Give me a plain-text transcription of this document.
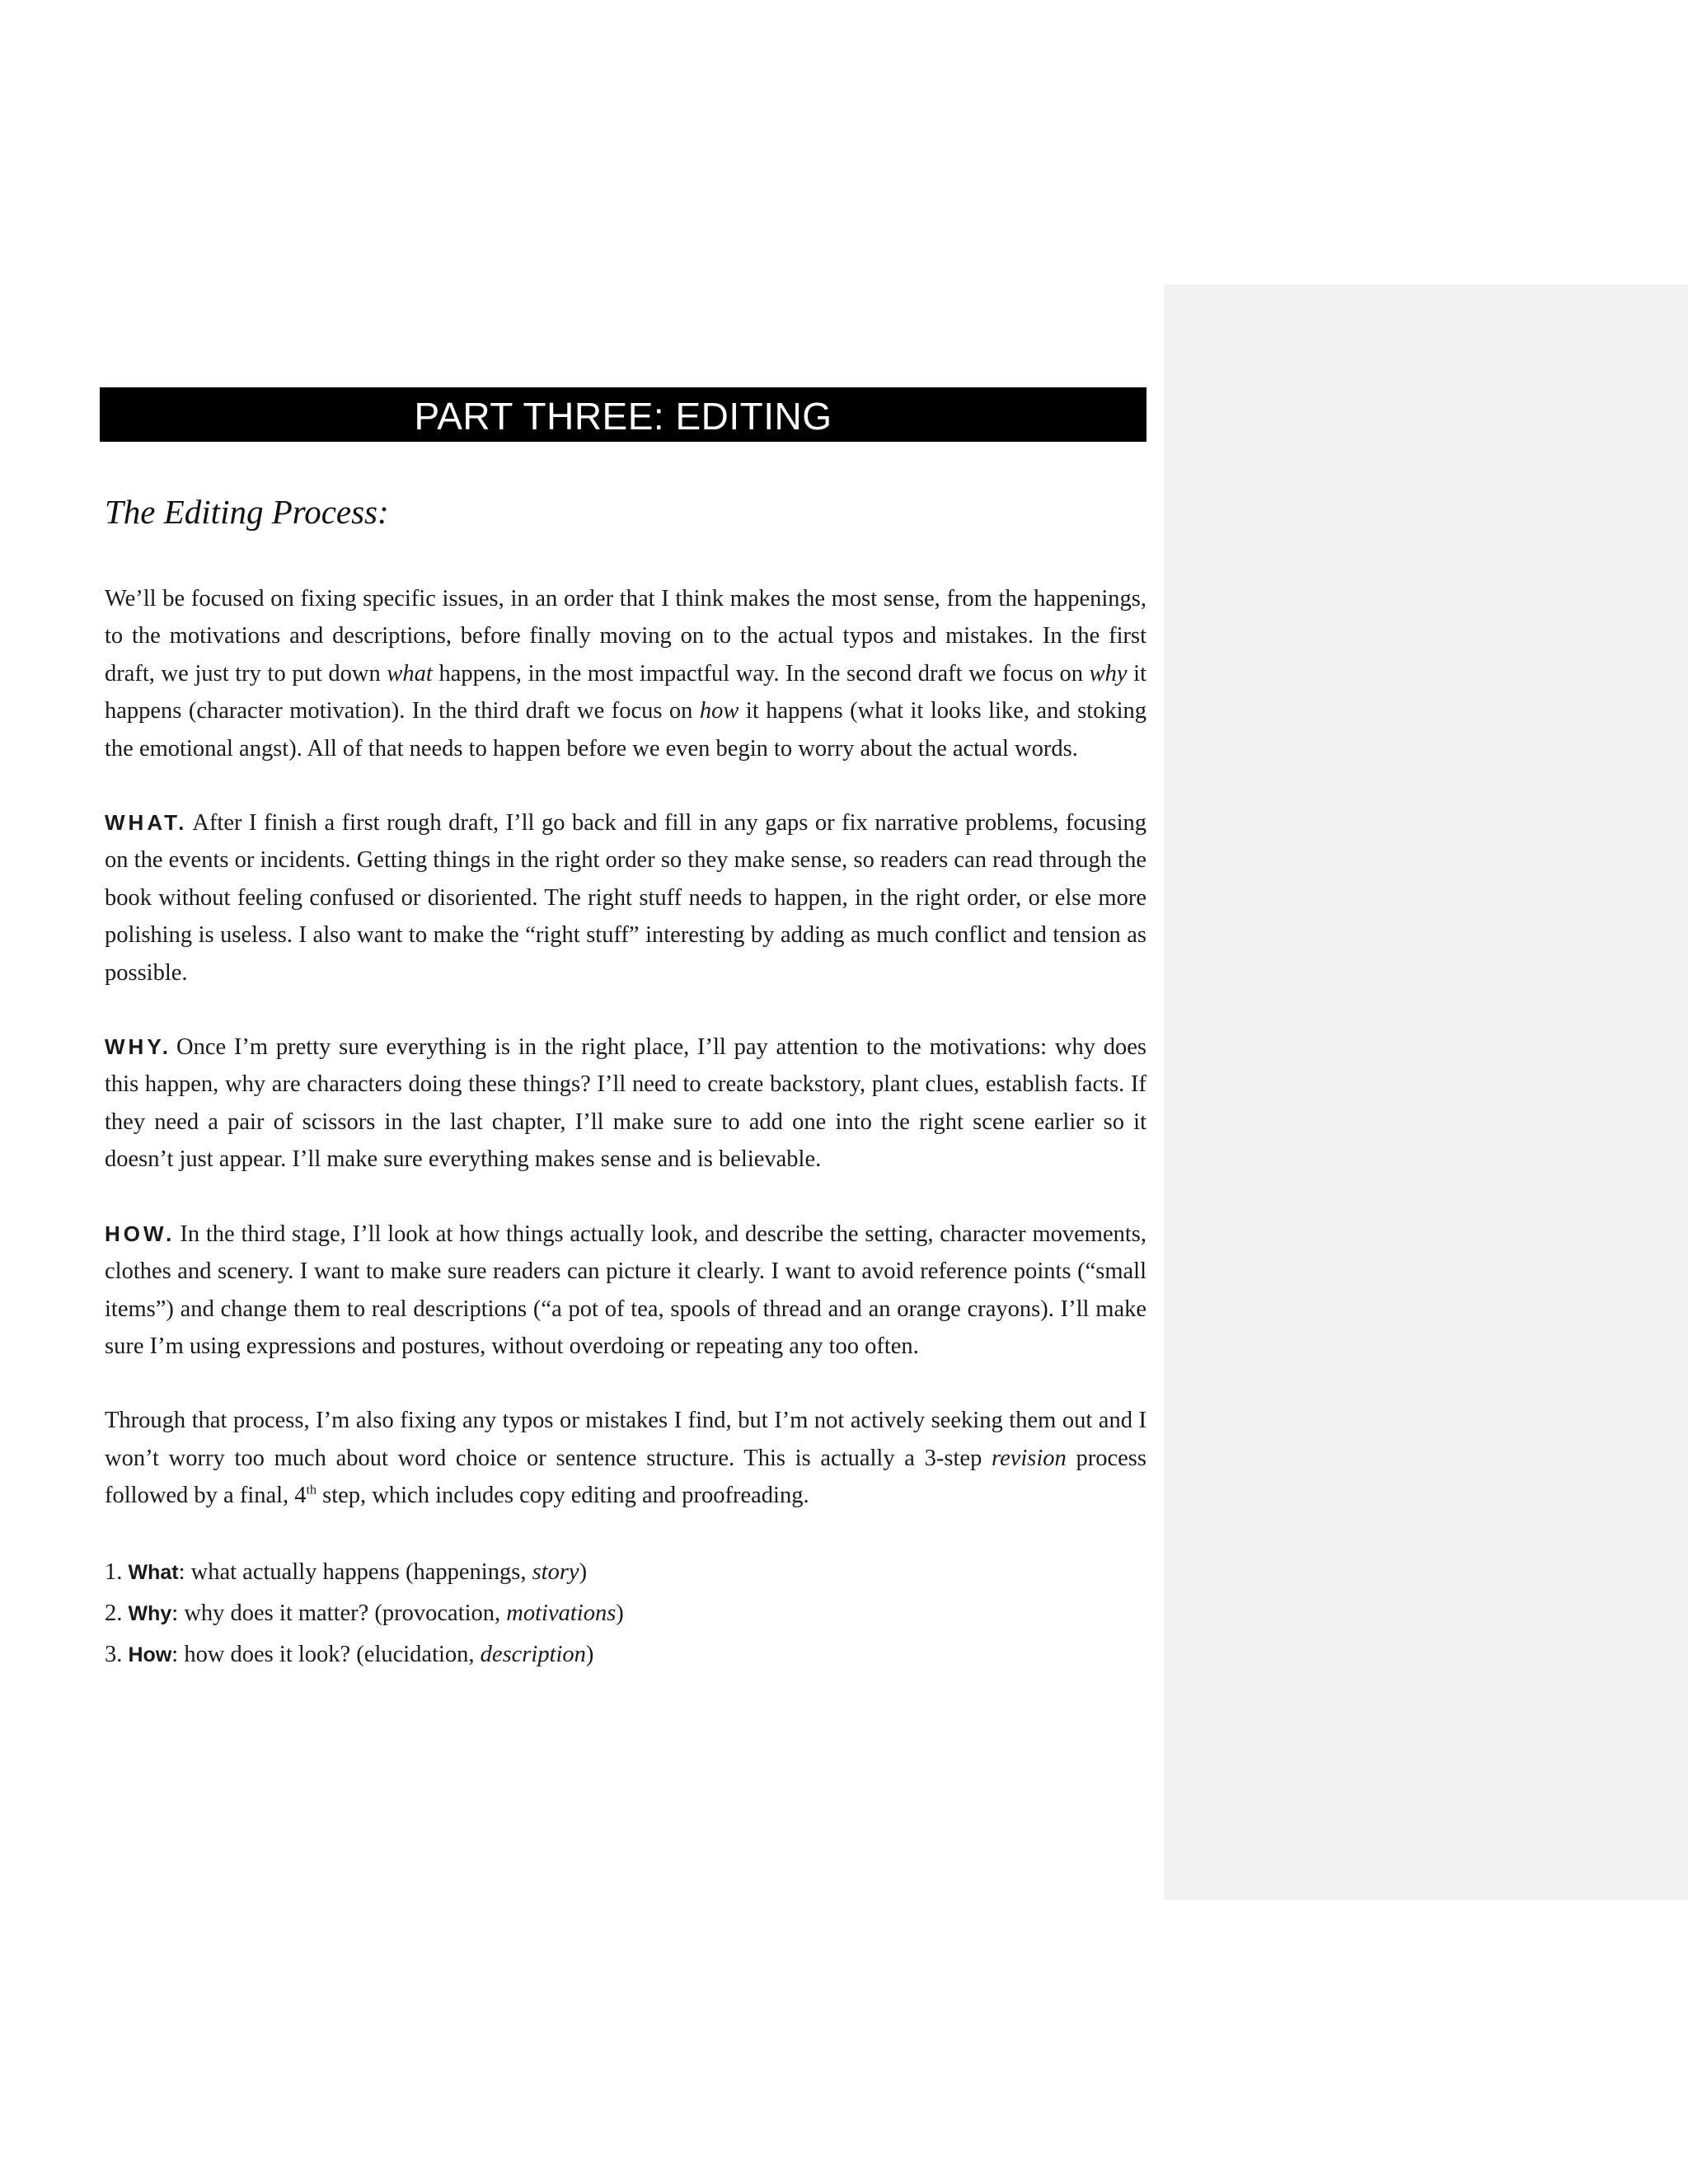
PART THREE: EDITING
The Editing Process:

We’ll be focused on fixing specific issues, in an order that I think makes the most sense, from the happenings, to the motivations and descriptions, before finally moving on to the actual typos and mistakes. In the first draft, we just try to put down what happens, in the most impactful way. In the second draft we focus on why it happens (character motivation). In the third draft we focus on how it happens (what it looks like, and stoking the emotional angst). All of that needs to happen before we even begin to worry about the actual words.

WHAT. After I finish a first rough draft, I’ll go back and fill in any gaps or fix narrative problems, focusing on the events or incidents. Getting things in the right order so they make sense, so readers can read through the book without feeling confused or disoriented. The right stuff needs to happen, in the right order, or else more polishing is useless. I also want to make the “right stuff” interesting by adding as much conflict and tension as possible.

WHY. Once I’m pretty sure everything is in the right place, I’ll pay attention to the motivations: why does this happen, why are characters doing these things? I’ll need to create backstory, plant clues, establish facts. If they need a pair of scissors in the last chapter, I’ll make sure to add one into the right scene earlier so it doesn’t just appear. I’ll make sure everything makes sense and is believable.

HOW. In the third stage, I’ll look at how things actually look, and describe the setting, character movements, clothes and scenery. I want to make sure readers can picture it clearly. I want to avoid reference points (“small items”) and change them to real descriptions (“a pot of tea, spools of thread and an orange crayons). I’ll make sure I’m using expressions and postures, without overdoing or repeating any too often.

Through that process, I’m also fixing any typos or mistakes I find, but I’m not actively seeking them out and I won’t worry too much about word choice or sentence structure. This is actually a 3-step revision process followed by a final, 4th step, which includes copy editing and proofreading.

1. What: what actually happens (happenings, story)
2. Why: why does it matter? (provocation, motivations)
3. How: how does it look? (elucidation, description)
